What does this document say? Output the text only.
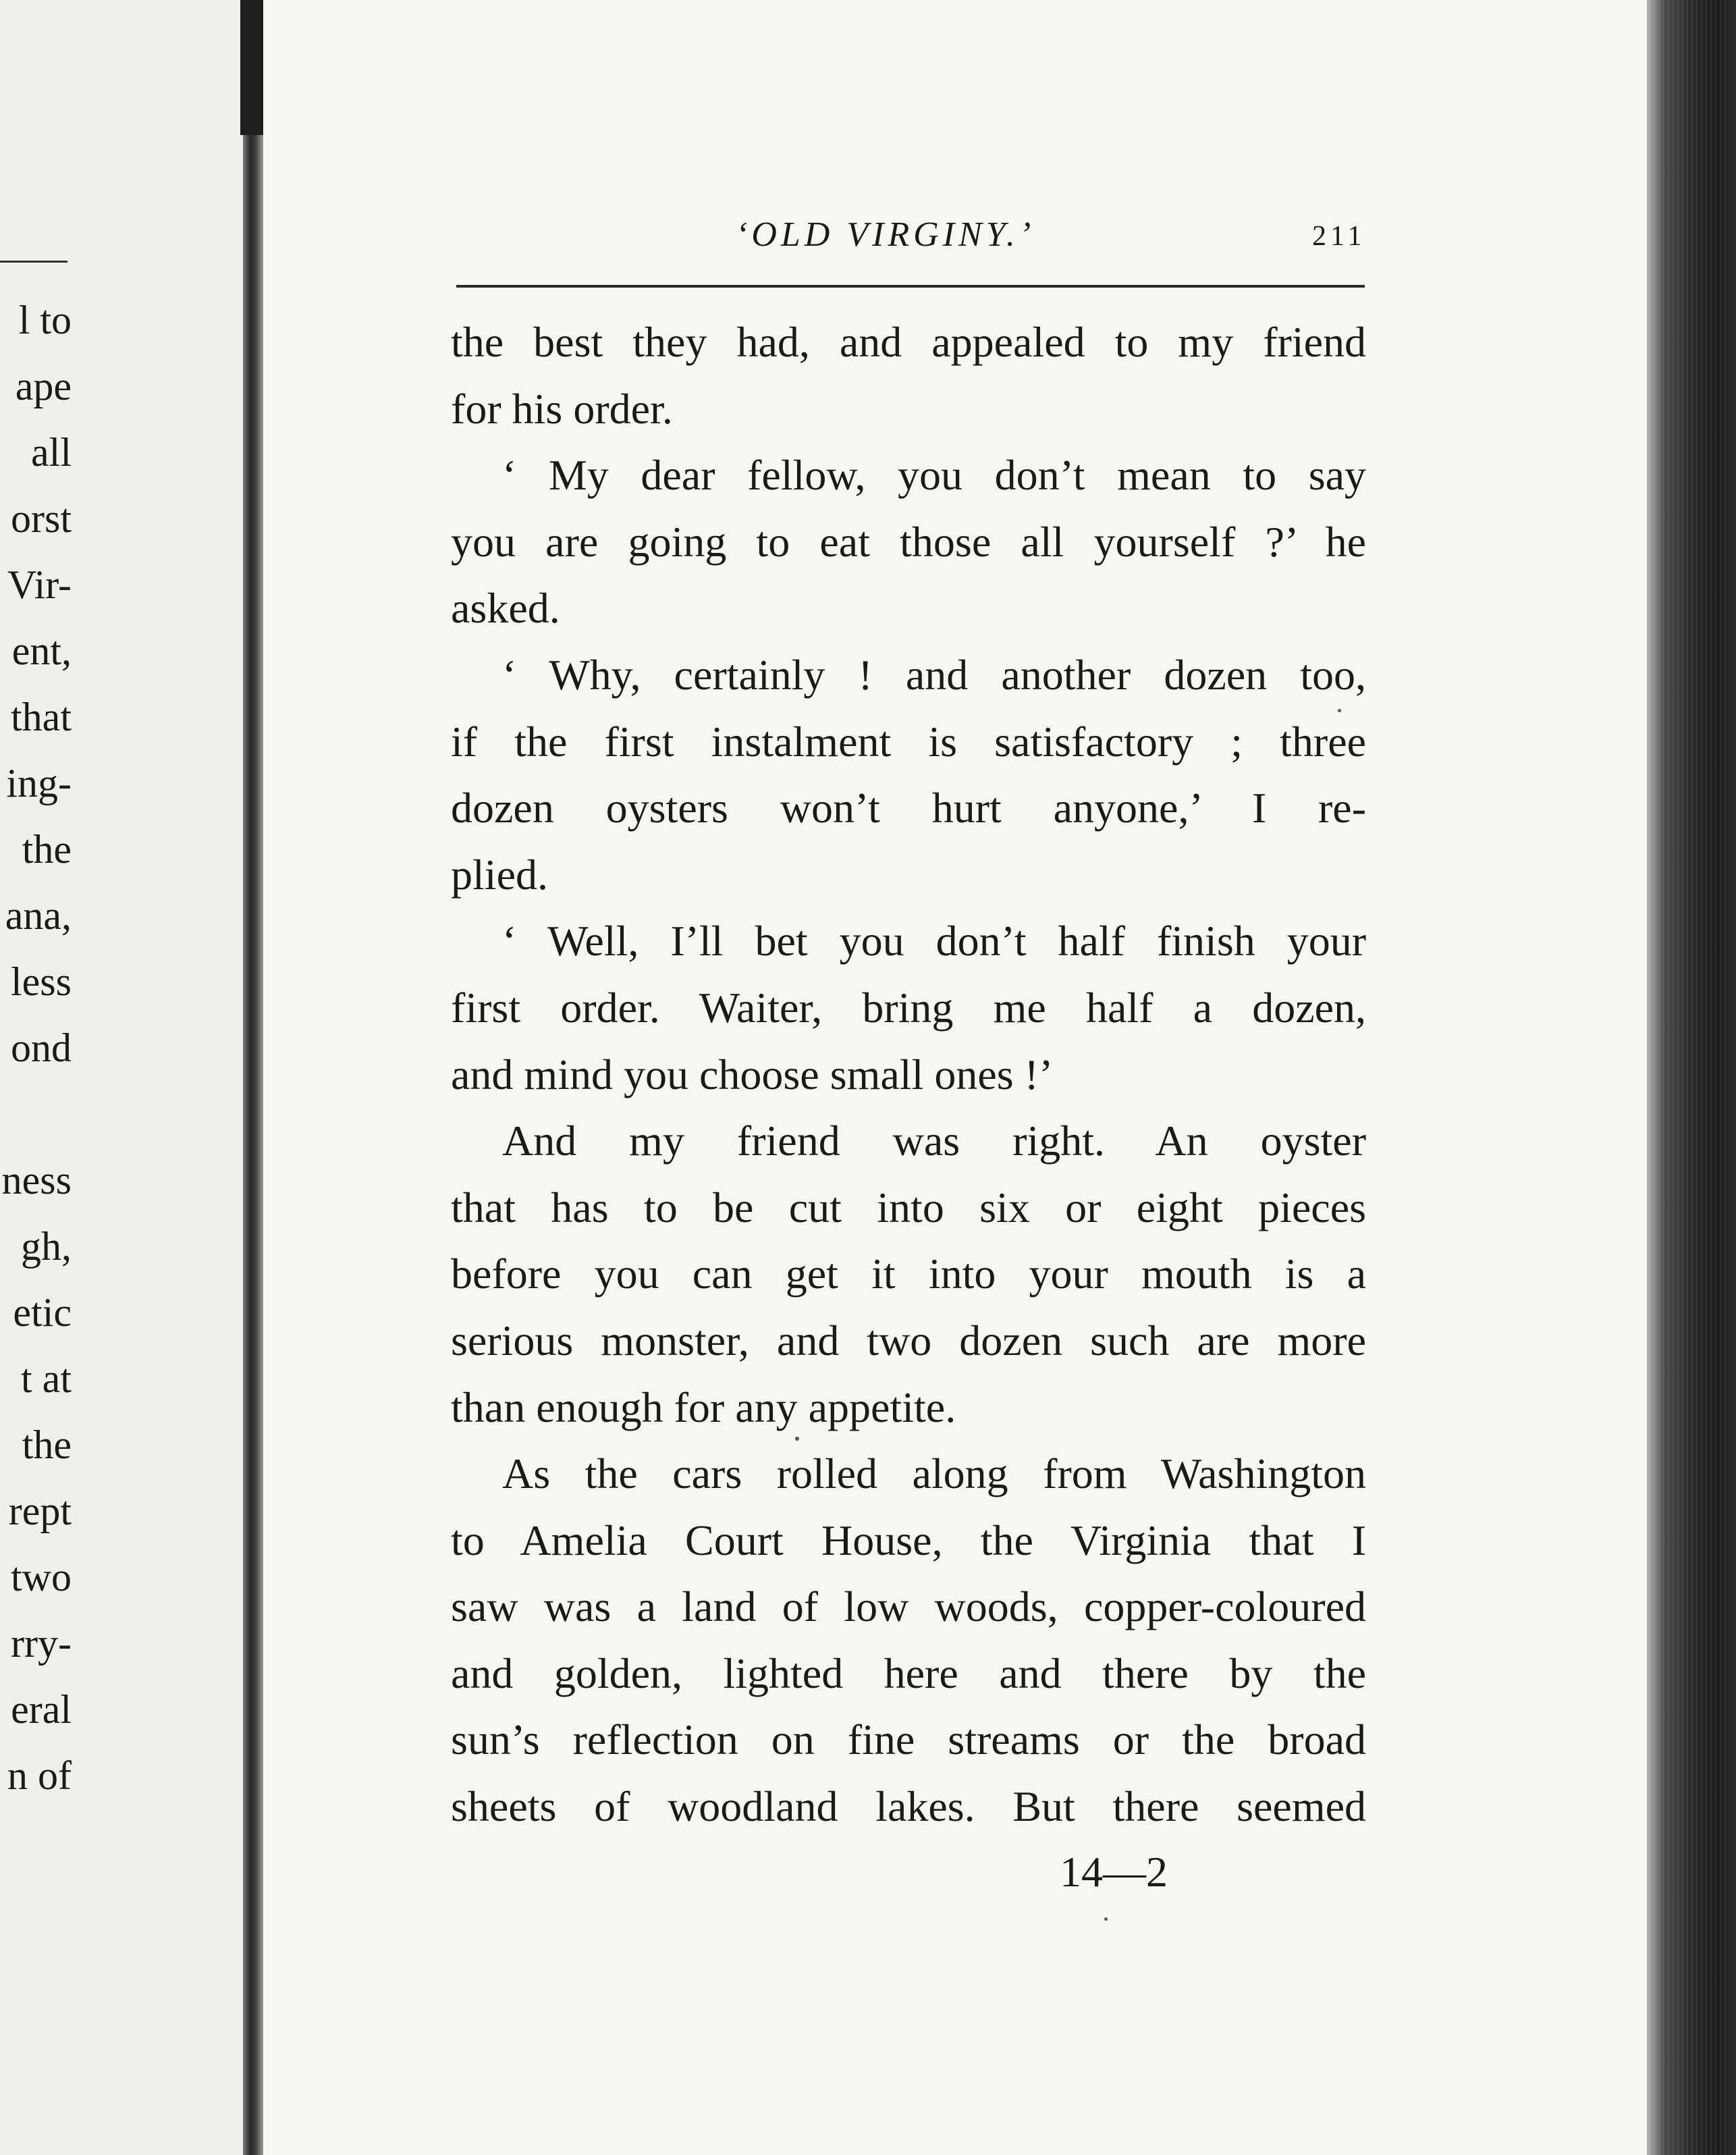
l to
ape
all
orst
Vir-
ent,
that
ing-
the
ana,
less
ond
ness
gh,
etic
t at
the
rept
two
rry-
eral
n of
‘OLD VIRGINY.’	211
the best they had, and appealed to my friend
for his order.
‘ My dear fellow, you don’t mean to say
you are going to eat those all yourself ?’ he
asked.
‘ Why, certainly ! and another dozen too,
if the first instalment is satisfactory ; three
dozen oysters won’t hurt anyone,’ I re-
plied.
‘ Well, I’ll bet you don’t half finish your
first order. Waiter, bring me half a dozen,
and mind you choose small ones !’
And my friend was right. An oyster
that has to be cut into six or eight pieces
before you can get it into your mouth is a
serious monster, and two dozen such are more
than enough for any appetite.
As the cars rolled along from Washington
to Amelia Court House, the Virginia that I
saw was a land of low woods, copper-coloured
and golden, lighted here and there by the
sun’s reflection on fine streams or the broad
sheets of woodland lakes. But there seemed
14—2
